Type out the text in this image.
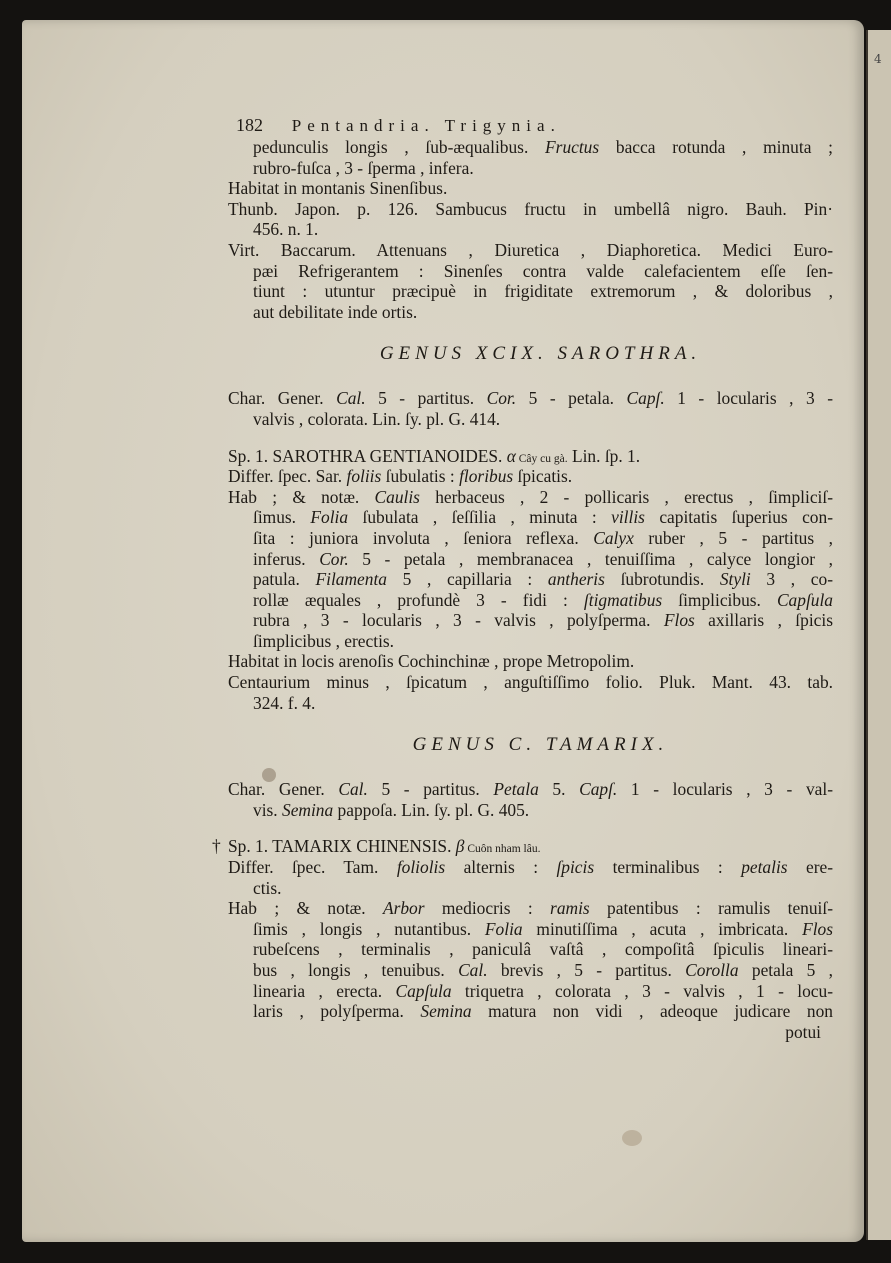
4
182 Pentandria. Trigynia.
pedunculis longis , ſub-æqualibus. Fructus bacca rotunda , minuta ;
rubro-fuſca , 3 - ſperma , infera.
Habitat in montanis Sinenſibus.
Thunb. Japon. p. 126. Sambucus fructu in umbellâ nigro. Bauh. Pin·
456. n. 1.
Virt. Baccarum. Attenuans , Diuretica , Diaphoretica. Medici Euro-
pæi Refrigerantem : Sinenſes contra valde calefacientem eſſe ſen-
tiunt : utuntur præcipuè in frigiditate extremorum , & doloribus ,
aut debilitate inde ortis.
GENUS XCIX. SAROTHRA.
Char. Gener. Cal. 5 - partitus. Cor. 5 - petala. Capſ. 1 - locularis , 3 -
valvis , colorata. Lin. ſy. pl. G. 414.
Sp. 1. SAROTHRA GENTIANOIDES. α Cây cu gà. Lin. ſp. 1.
Differ. ſpec. Sar. foliis ſubulatis : floribus ſpicatis.
Hab ; & notæ. Caulis herbaceus , 2 - pollicaris , erectus , ſimpliciſ-
ſimus. Folia ſubulata , ſeſſilia , minuta : villis capitatis ſuperius con-
ſita : juniora involuta , ſeniora reflexa. Calyx ruber , 5 - partitus ,
inferus. Cor. 5 - petala , membranacea , tenuiſſima , calyce longior ,
patula. Filamenta 5 , capillaria : antheris ſubrotundis. Styli 3 , co-
rollæ æquales , profundè 3 - fidi : ſtigmatibus ſimplicibus. Capſula
rubra , 3 - locularis , 3 - valvis , polyſperma. Flos axillaris , ſpicis
ſimplicibus , erectis.
Habitat in locis arenoſis Cochinchinæ , prope Metropolim.
Centaurium minus , ſpicatum , anguſtiſſimo folio. Pluk. Mant. 43. tab.
324. f. 4.
GENUS C. TAMARIX.
Char. Gener. Cal. 5 - partitus. Petala 5. Capſ. 1 - locularis , 3 - val-
vis. Semina pappoſa. Lin. ſy. pl. G. 405.
† Sp. 1. TAMARIX CHINENSIS. β Cuôn nham lâu.
Differ. ſpec. Tam. foliolis alternis : ſpicis terminalibus : petalis ere-
ctis.
Hab ; & notæ. Arbor mediocris : ramis patentibus : ramulis tenuiſ-
ſimis , longis , nutantibus. Folia minutiſſima , acuta , imbricata. Flos
rubeſcens , terminalis , paniculâ vaſtâ , compoſitâ ſpiculis lineari-
bus , longis , tenuibus. Cal. brevis , 5 - partitus. Corolla petala 5 ,
linearia , erecta. Capſula triquetra , colorata , 3 - valvis , 1 - locu-
laris , polyſperma. Semina matura non vidi , adeoque judicare non
potui
